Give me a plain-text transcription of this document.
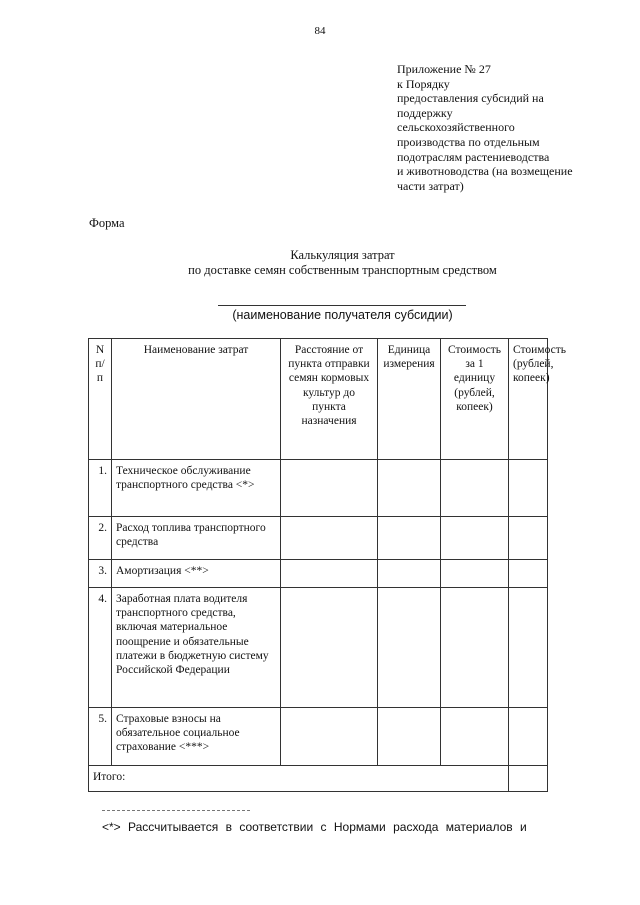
84
Приложение № 27
к Порядку
предоставления субсидий на
поддержку
сельскохозяйственного
производства по отдельным
подотраслям растениеводства
и животноводства (на возмещение
части затрат)
Форма
Калькуляция затрат
по доставке семян собственным транспортным средством
(наименование получателя субсидии)
N п/п	Наименование затрат	Расстояние от пункта отправки семян кормовых культур до пункта назначения	Единица измерения	Стоимость за 1 единицу (рублей, копеек)	Стоимость (рублей, копеек)
1.	Техническое обслуживание транспортного средства <*>				
2.	Расход топлива транспортного средства				
3.	Амортизация <**>				
4.	Заработная плата водителя транспортного средства, включая материальное поощрение и обязательные платежи в бюджетную систему Российской Федерации				
5.	Страховые взносы на обязательное социальное страхование <***>				
Итого:					
<*> Рассчитывается в соответствии с Нормами расхода материалов и
